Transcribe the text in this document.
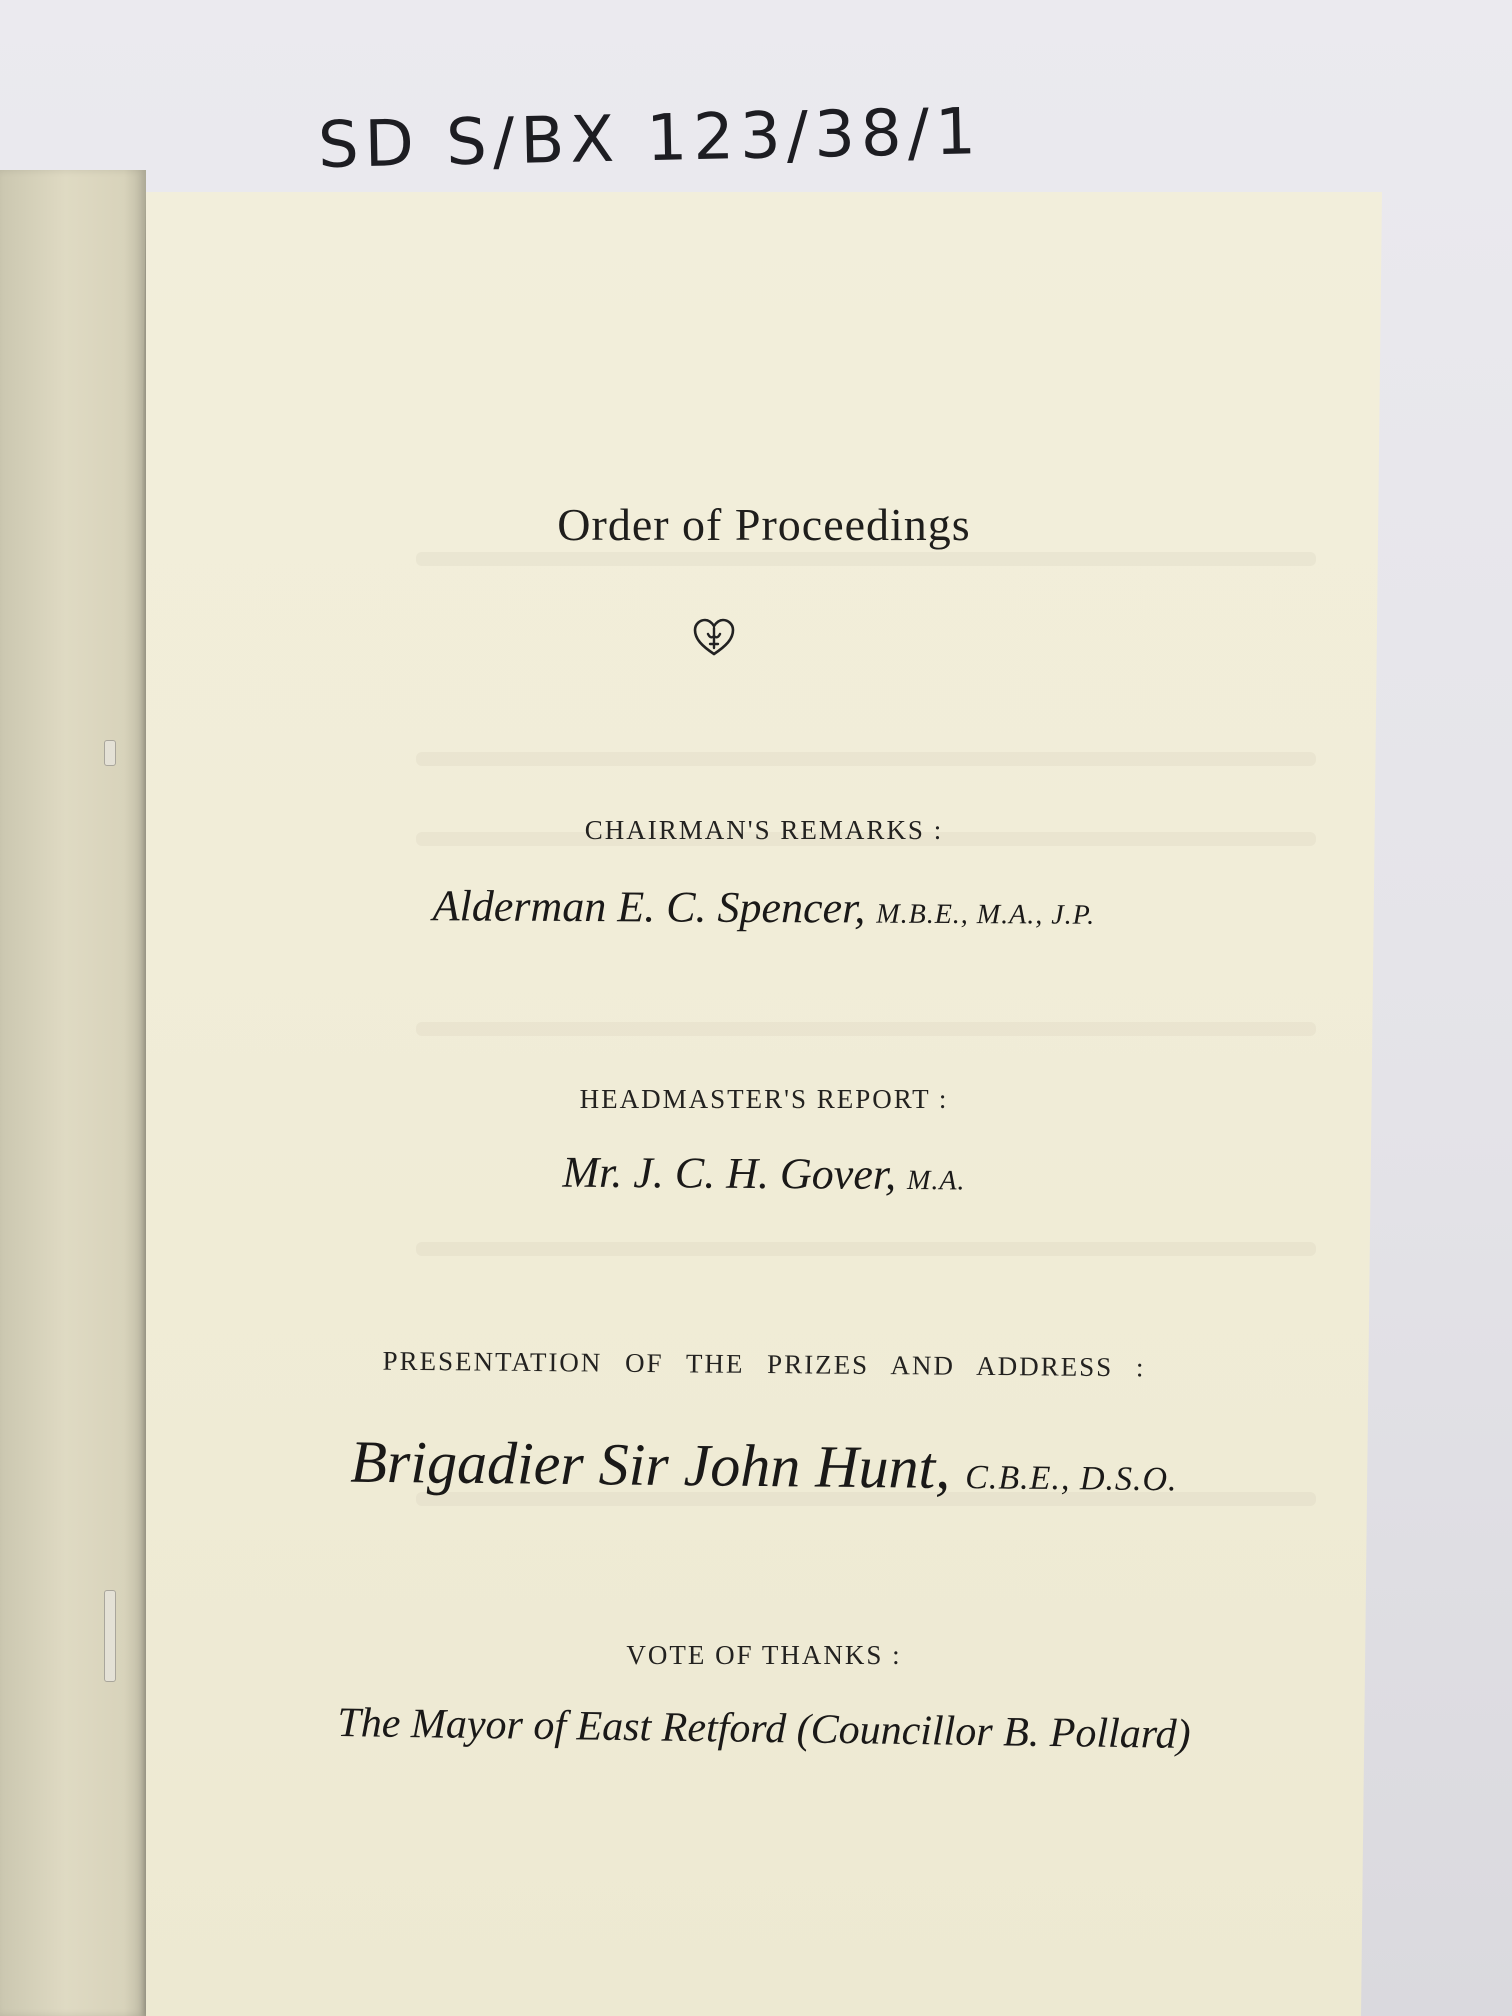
SD S/BX 123/38/1
Order of Proceedings
CHAIRMAN'S REMARKS :
Alderman E. C. Spencer, M.B.E., M.A., J.P.
HEADMASTER'S REPORT :
Mr. J. C. H. Gover, M.A.
PRESENTATION OF THE PRIZES AND ADDRESS :
Brigadier Sir John Hunt, C.B.E., D.S.O.
VOTE OF THANKS :
The Mayor of East Retford (Councillor B. Pollard)
